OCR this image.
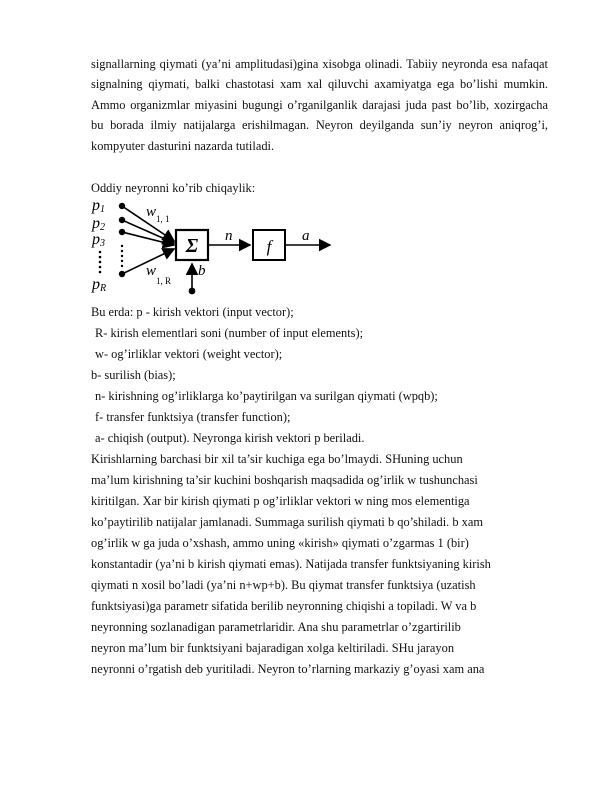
signallarning qiymati (ya’ni amplitudasi)gina xisobga olinadi. Tabiiy neyronda esa nafaqat signalning qiymati, balki chastotasi xam xal qiluvchi axamiyatga ega bo’lishi mumkin. Ammo organizmlar miyasini bugungi o’rganilganlik darajasi juda past bo’lib, xozirgacha bu borada ilmiy natijalarga erishilmagan. Neyron deyilganda sun’iy neyron aniqrog’i, kompyuter dasturini nazarda tutiladi.

Oddiy neyronni ko’rib chiqaylik:

p1
p2
p3
pR
$w_{1, 1}$
$w_{1, R}$
Σ
b
n
f
a

Bu erda: p - kirish vektori (input vector);

R- kirish elementlari soni (number of input elements);

w- og’irliklar vektori (weight vector);

b- surilish (bias);

n- kirishning og’irliklarga ko’paytirilgan va surilgan qiymati (wpqb);

f- transfer funktsiya (transfer function);

a- chiqish (output). Neyronga kirish vektori p beriladi.

Kirishlarning barchasi bir xil ta’sir kuchiga ega bo’lmaydi. SHuning uchun

ma’lum kirishning ta’sir kuchini boshqarish maqsadida og’irlik w tushunchasi

kiritilgan. Xar bir kirish qiymati p og’irliklar vektori w ning mos elementiga

ko’paytirilib natijalar jamlanadi. Summaga surilish qiymati b qo’shiladi. b xam

og’irlik w ga juda o’xshash, ammo uning «kirish» qiymati o’zgarmas 1 (bir)

konstantadir (ya’ni b kirish qiymati emas). Natijada transfer funktsiyaning kirish

qiymati n xosil bo’ladi (ya’ni n+wp+b). Bu qiymat transfer funktsiya (uzatish

funktsiyasi)ga parametr sifatida berilib neyronning chiqishi a topiladi. W va b

neyronning sozlanadigan parametrlaridir. Ana shu parametrlar o’zgartirilib

neyron ma’lum bir funktsiyani bajaradigan xolga keltiriladi. SHu jarayon

neyronni o’rgatish deb yuritiladi. Neyron to’rlarning markaziy g’oyasi xam ana
